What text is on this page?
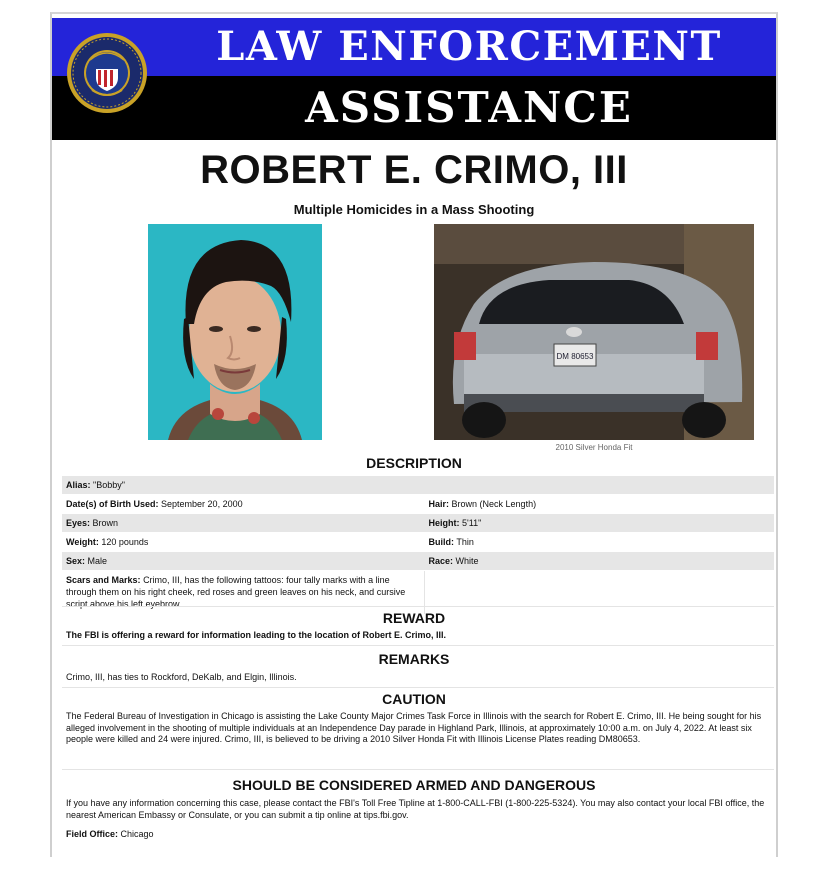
LAW ENFORCEMENT
ASSISTANCE
ROBERT E. CRIMO, III
Multiple Homicides in a Mass Shooting
DM 80653
2010 Silver Honda Fit
DESCRIPTION
Alias: "Bobby"	
Date(s) of Birth Used: September 20, 2000	Hair: Brown (Neck Length)
Eyes: Brown	Height: 5'11"
Weight: 120 pounds	Build: Thin
Sex: Male	Race: White
Scars and Marks: Crimo, III, has the following tattoos: four tally marks with a line through them on his right cheek, red roses and green leaves on his neck, and cursive script above his left eyebrow.	
REWARD
The FBI is offering a reward for information leading to the location of Robert E. Crimo, III.
REMARKS
Crimo, III, has ties to Rockford, DeKalb, and Elgin, Illinois.
CAUTION
The Federal Bureau of Investigation in Chicago is assisting the Lake County Major Crimes Task Force in Illinois with the search for Robert E. Crimo, III. He being sought for his alleged involvement in the shooting of multiple individuals at an Independence Day parade in Highland Park, Illinois, at approximately 10:00 a.m. on July 4, 2022. At least six people were killed and 24 were injured. Crimo, III, is believed to be driving a 2010 Silver Honda Fit with Illinois License Plates reading DM80653.
SHOULD BE CONSIDERED ARMED AND DANGEROUS
If you have any information concerning this case, please contact the FBI's Toll Free Tipline at 1-800-CALL-FBI (1-800-225-5324). You may also contact your local FBI office, the nearest American Embassy or Consulate, or you can submit a tip online at tips.fbi.gov.
Field Office: Chicago
